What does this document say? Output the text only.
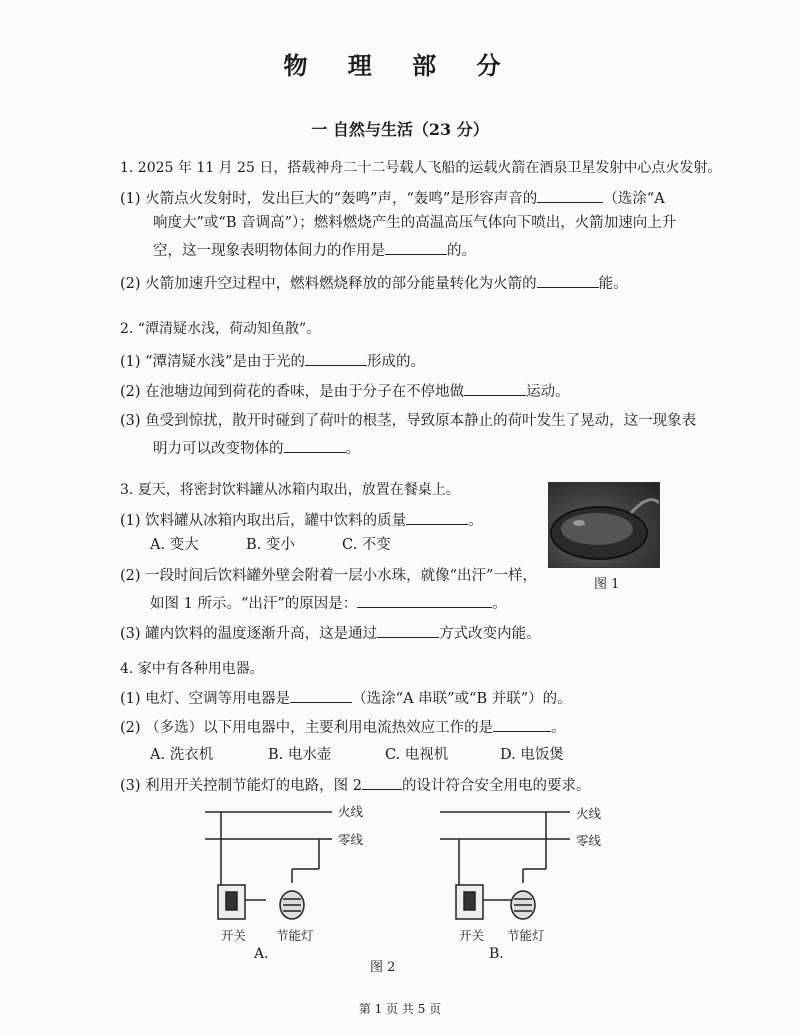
物 理 部 分
一 自然与生活（23 分）
1. 2025 年 11 月 25 日，搭载神舟二十二号载人飞船的运载火箭在酒泉卫星发射中心点火发射。
(1) 火箭点火发射时，发出巨大的“轰鸣”声，“轰鸣”是形容声音的	（选涂“A
响度大”或“B 音调高”）；燃料燃烧产生的高温高压气体向下喷出，火箭加速向上升
空，这一现象表明物体间力的作用是	的。
(2) 火箭加速升空过程中，燃料燃烧释放的部分能量转化为火箭的	能。
2. “潭清疑水浅，荷动知鱼散”。
(1) “潭清疑水浅”是由于光的	形成的。
(2) 在池塘边闻到荷花的香味，是由于分子在不停地做	运动。
(3) 鱼受到惊扰，散开时碰到了荷叶的根茎，导致原本静止的荷叶发生了晃动，这一现象表
明力可以改变物体的	。
3. 夏天，将密封饮料罐从冰箱内取出，放置在餐桌上。
(1) 饮料罐从冰箱内取出后，罐中饮料的质量	。
A. 变大	B. 变小	C. 不变
(2) 一段时间后饮料罐外壁会附着一层小水珠，就像“出汗”一样，
如图 1 所示。“出汗”的原因是：	。
(3) 罐内饮料的温度逐渐升高，这是通过	方式改变内能。
图 1
4. 家中有各种用电器。
(1) 电灯、空调等用电器是	（选涂“A 串联”或“B 并联”）的。
(2) （多选）以下用电器中，主要利用电流热效应工作的是	。
A. 洗衣机	B. 电水壶	C. 电视机	D. 电饭煲
(3) 利用开关控制节能灯的电路，图 2	的设计符合安全用电的要求。
火线
零线
火线
零线
开关 节能灯	开关 节能灯
A.	B.
图 2
第 1 页 共 5 页
